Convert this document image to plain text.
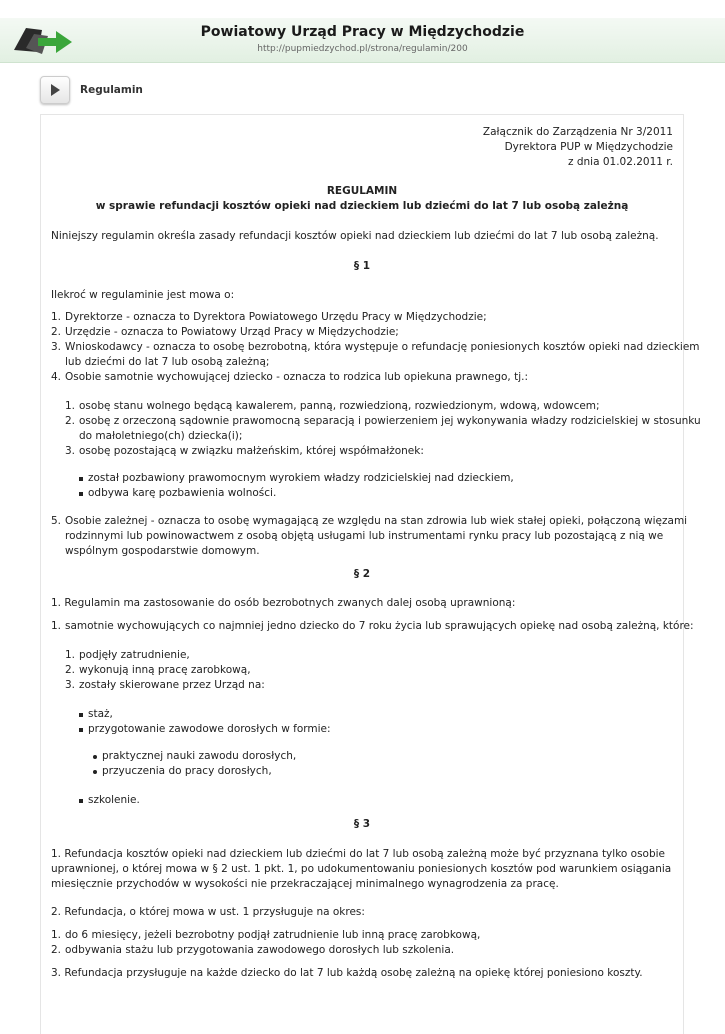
Powiatowy Urząd Pracy w Międzychodzie
http://pupmiedzychod.pl/strona/regulamin/200
Regulamin

Załącznik do Zarządzenia Nr 3/2011

Dyrektora PUP w Międzychodzie

z dnia 01.02.2011 r.

REGULAMIN

w sprawie refundacji kosztów opieki nad dzieckiem lub dziećmi do lat 7 lub osobą zależną

Niniejszy regulamin określa zasady refundacji kosztów opieki nad dzieckiem lub dziećmi do lat 7 lub osobą zależną.

§ 1

Ilekroć w regulaminie jest mowa o:

1. Dyrektorze - oznacza to Dyrektora Powiatowego Urzędu Pracy w Międzychodzie;
2. Urzędzie - oznacza to Powiatowy Urząd Pracy w Międzychodzie;
3. Wnioskodawcy - oznacza to osobę bezrobotną, która występuje o refundację poniesionych kosztów opieki nad dzieckiem
lub dziećmi do lat 7 lub osobą zależną;
4. Osobie samotnie wychowującej dziecko - oznacza to rodzica lub opiekuna prawnego, tj.:
1. osobę stanu wolnego będącą kawalerem, panną, rozwiedzioną, rozwiedzionym, wdową, wdowcem;
2. osobę z orzeczoną sądownie prawomocną separacją i powierzeniem jej wykonywania władzy rodzicielskiej w stosunku
do małoletniego(ch) dziecka(i);
3. osobę pozostającą w związku małżeńskim, której współmałżonek:
został pozbawiony prawomocnym wyrokiem władzy rodzicielskiej nad dzieckiem,
odbywa karę pozbawienia wolności.
5. Osobie zależnej - oznacza to osobę wymagającą ze względu na stan zdrowia lub wiek stałej opieki, połączoną więzami
rodzinnymi lub powinowactwem z osobą objętą usługami lub instrumentami rynku pracy lub pozostającą z nią we
wspólnym gospodarstwie domowym.

§ 2

1. Regulamin ma zastosowanie do osób bezrobotnych zwanych dalej osobą uprawnioną:

1. samotnie wychowujących co najmniej jedno dziecko do 7 roku życia lub sprawujących opiekę nad osobą zależną, które:
1. podjęły zatrudnienie,
2. wykonują inną pracę zarobkową,
3. zostały skierowane przez Urząd na:
staż,
przygotowanie zawodowe dorosłych w formie:
praktycznej nauki zawodu dorosłych,
przyuczenia do pracy dorosłych,
szkolenie.

§ 3

1. Refundacja kosztów opieki nad dzieckiem lub dziećmi do lat 7 lub osobą zależną może być przyznana tylko osobie

uprawnionej, o której mowa w § 2 ust. 1 pkt. 1, po udokumentowaniu poniesionych kosztów pod warunkiem osiągania

miesięcznie przychodów w wysokości nie przekraczającej minimalnego wynagrodzenia za pracę.

2. Refundacja, o której mowa w ust. 1 przysługuje na okres:

1. do 6 miesięcy, jeżeli bezrobotny podjął zatrudnienie lub inną pracę zarobkową,
2. odbywania stażu lub przygotowania zawodowego dorosłych lub szkolenia.

3. Refundacja przysługuje na każde dziecko do lat 7 lub każdą osobę zależną na opiekę której poniesiono koszty.
